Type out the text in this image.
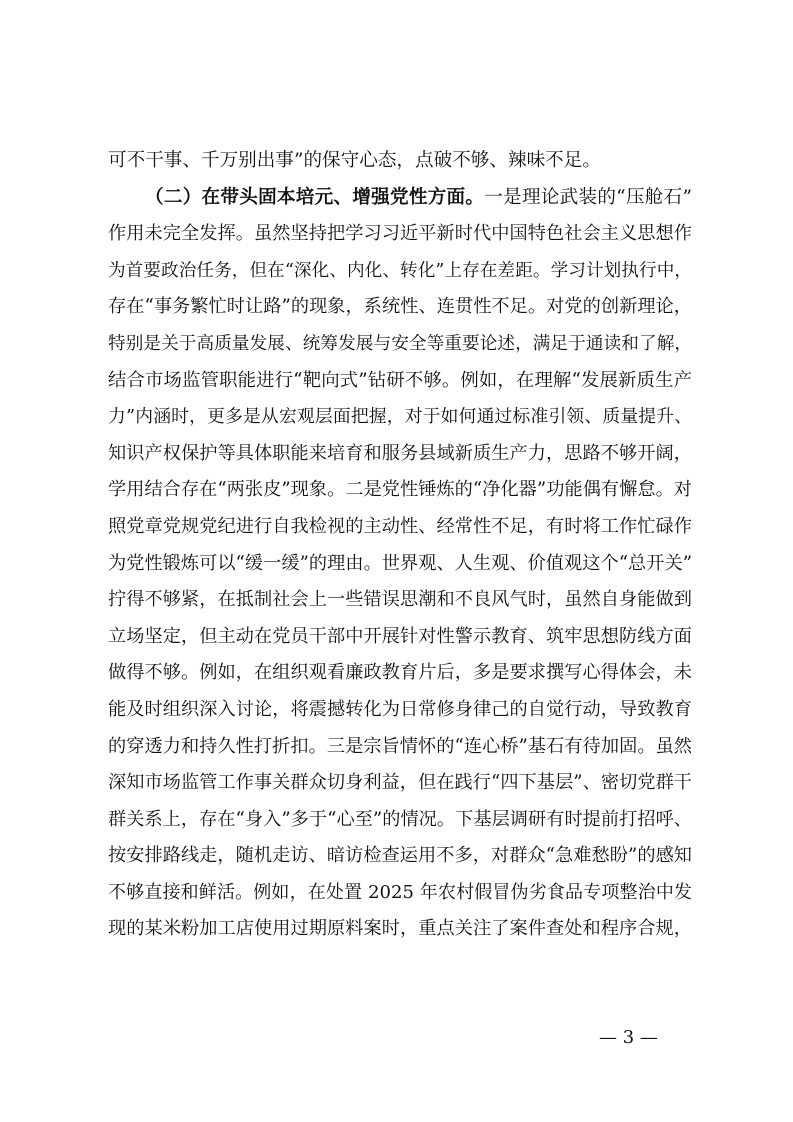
可不干事、千万别出事”的保守心态，点破不够、辣味不足。
（二）在带头固本培元、增强党性方面。一是理论武装的“压舱石”
作用未完全发挥。虽然坚持把学习习近平新时代中国特色社会主义思想作
为首要政治任务，但在“深化、内化、转化”上存在差距。学习计划执行中，
存在“事务繁忙时让路”的现象，系统性、连贯性不足。对党的创新理论，
特别是关于高质量发展、统筹发展与安全等重要论述，满足于通读和了解，
结合市场监管职能进行“靶向式”钻研不够。例如，在理解“发展新质生产
力”内涵时，更多是从宏观层面把握，对于如何通过标准引领、质量提升、
知识产权保护等具体职能来培育和服务县域新质生产力，思路不够开阔，
学用结合存在“两张皮”现象。二是党性锤炼的“净化器”功能偶有懈怠。对
照党章党规党纪进行自我检视的主动性、经常性不足，有时将工作忙碌作
为党性锻炼可以“缓一缓”的理由。世界观、人生观、价值观这个“总开关”
拧得不够紧，在抵制社会上一些错误思潮和不良风气时，虽然自身能做到
立场坚定，但主动在党员干部中开展针对性警示教育、筑牢思想防线方面
做得不够。例如，在组织观看廉政教育片后，多是要求撰写心得体会，未
能及时组织深入讨论，将震撼转化为日常修身律己的自觉行动，导致教育
的穿透力和持久性打折扣。三是宗旨情怀的“连心桥”基石有待加固。虽然
深知市场监管工作事关群众切身利益，但在践行“四下基层”、密切党群干
群关系上，存在“身入”多于“心至”的情况。下基层调研有时提前打招呼、
按安排路线走，随机走访、暗访检查运用不多，对群众“急难愁盼”的感知
不够直接和鲜活。例如，在处置 2025 年农村假冒伪劣食品专项整治中发
现的某米粉加工店使用过期原料案时，重点关注了案件查处和程序合规，
— 3 —
